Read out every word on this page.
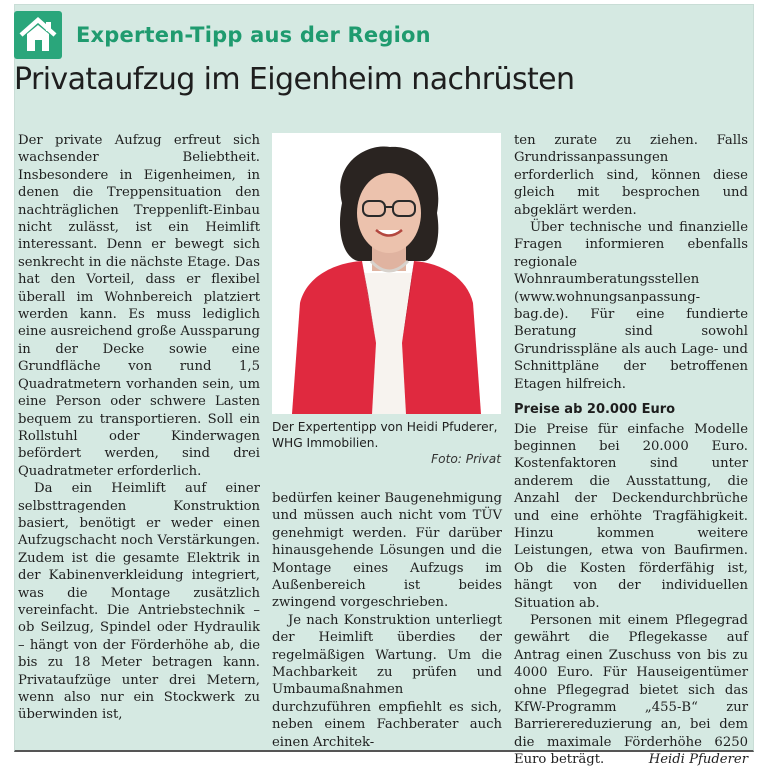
Experten-Tipp aus der Region
Privataufzug im Eigenheim nachrüsten

Der private Aufzug erfreut sich wachsender Beliebtheit. Insbesondere in Eigenheimen, in denen die Treppensituation den nachträglichen Treppenlift-Einbau nicht zulässt, ist ein Heimlift interessant. Denn er bewegt sich senkrecht in die nächste Etage. Das hat den Vorteil, dass er flexibel überall im Wohnbereich platziert werden kann. Es muss lediglich eine ausreichend große Aussparung in der Decke sowie eine Grundfläche von rund 1,5 Quadratmetern vorhanden sein, um eine Person oder schwere Lasten bequem zu transportieren. Soll ein Rollstuhl oder Kinderwagen befördert werden, sind drei Quadratmeter erforderlich.

Da ein Heimlift auf einer selbsttragenden Konstruktion basiert, benötigt er weder einen Aufzugschacht noch Verstärkungen. Zudem ist die gesamte Elektrik in der Kabinenverkleidung integriert, was die Montage zusätzlich vereinfacht. Die Antriebstechnik – ob Seilzug, Spindel oder Hydraulik – hängt von der Förderhöhe ab, die bis zu 18 Meter betragen kann. Privataufzüge unter drei Metern, wenn also nur ein Stockwerk zu überwinden ist,

Der Expertentipp von Heidi Pfuderer, WHG Immobilien.
Foto: Privat

bedürfen keiner Baugenehmigung und müssen auch nicht vom TÜV genehmigt werden. Für darüber hinausgehende Lösungen und die Montage eines Aufzugs im Außenbereich ist beides zwingend vorgeschrieben.

Je nach Konstruktion unterliegt der Heimlift überdies der regelmäßigen Wartung. Um die Machbarkeit zu prüfen und Umbaumaßnahmen durchzuführen empfiehlt es sich, neben einem Fachberater auch einen Architek-

ten zurate zu ziehen. Falls Grundrissanpassungen erforderlich sind, können diese gleich mit besprochen und abgeklärt werden.

Über technische und finanzielle Fragen informieren ebenfalls regionale Wohnraumberatungsstellen (www.wohnungsanpassung-bag.de). Für eine fundierte Beratung sind sowohl Grundrisspläne als auch Lage- und Schnittpläne der betroffenen Etagen hilfreich.

Preise ab 20.000 Euro

Die Preise für einfache Modelle beginnen bei 20.000 Euro. Kostenfaktoren sind unter anderem die Ausstattung, die Anzahl der Deckendurchbrüche und eine erhöhte Tragfähigkeit. Hinzu kommen weitere Leistungen, etwa von Baufirmen. Ob die Kosten förderfähig ist, hängt von der individuellen Situation ab.

Personen mit einem Pflegegrad gewährt die Pflegekasse auf Antrag einen Zuschuss von bis zu 4000 Euro. Für Hauseigentümer ohne Pflegegrad bietet sich das KfW-Programm „455-B“ zur Barrierereduzierung an, bei dem die maximale Förderhöhe 6250 Euro beträgt.	Heidi Pfuderer
